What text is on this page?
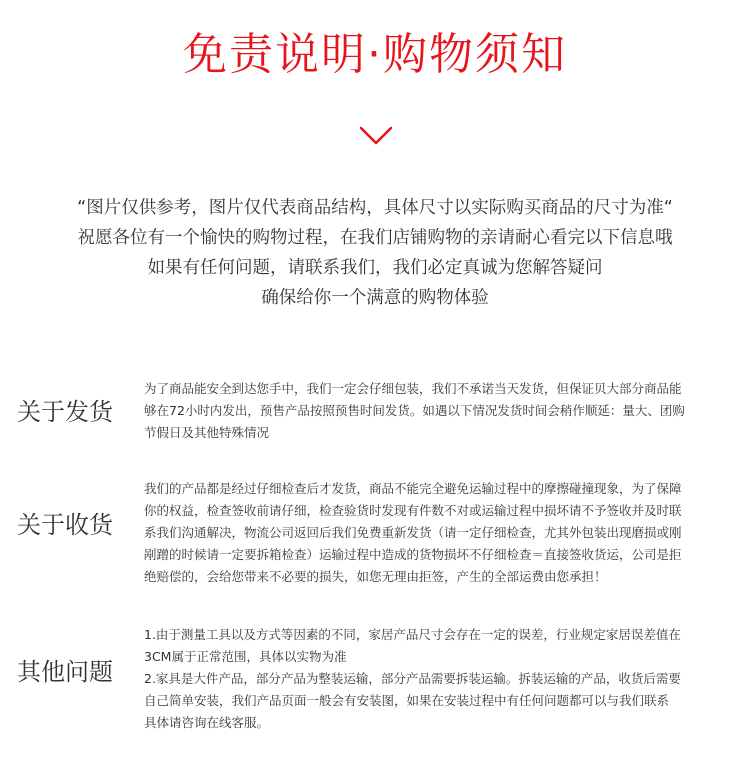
免责说明·购物须知
“图片仅供参考，图片仅代表商品结构，具体尺寸以实际购买商品的尺寸为准“
祝愿各位有一个愉快的购物过程，在我们店铺购物的亲请耐心看完以下信息哦
如果有任何问题，请联系我们，我们必定真诚为您解答疑问
确保给你一个满意的购物体验
关于发货
为了商品能安全到达您手中，我们一定会仔细包装，我们不承诺当天发货，但保证贝大部分商品能
够在72小时内发出，预售产品按照预售时间发货。如遇以下情况发货时间会稍作顺延：量大、团购
节假日及其他特殊情况
关于收货
我们的产品都是经过仔细检查后才发货，商品不能完全避免运输过程中的摩擦碰撞现象，为了保障
你的权益，检查签收前请仔细，检查验货时发现有件数不对或运输过程中损坏请不予签收并及时联
系我们沟通解决，物流公司返回后我们免费重新发货（请一定仔细检查，尤其外包装出现磨损或刚
剐蹭的时候请一定要拆箱检查）运输过程中造成的货物损坏不仔细检查＝直接签收货运，公司是拒
绝赔偿的，会给您带来不必要的损失，如您无理由拒签，产生的全部运费由您承担！
其他问题
1.由于测量工具以及方式等因素的不同，家居产品尺寸会存在一定的误差，行业规定家居误差值在
3CM属于正常范围，具体以实物为准
2.家具是大件产品，部分产品为整装运输，部分产品需要拆装运输。拆装运输的产品，收货后需要
自己简单安装，我们产品页面一般会有安装图，如果在安装过程中有任何问题都可以与我们联系
具体请咨询在线客服。
